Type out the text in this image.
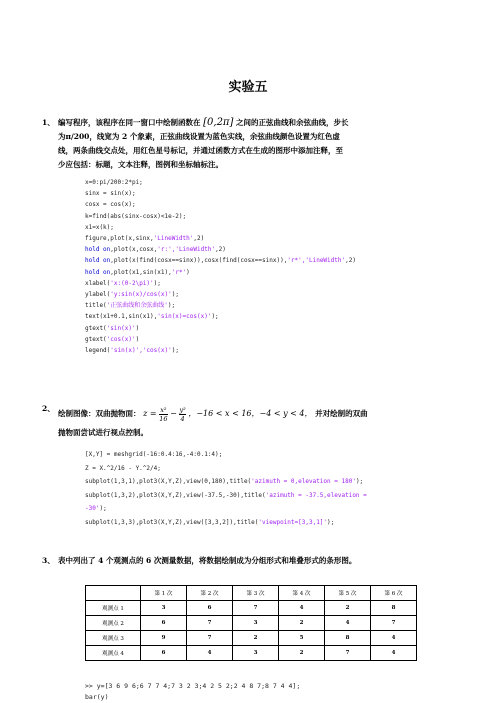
实验五
1、 编写程序，该程序在同一窗口中绘制函数在 [0,2π] 之间的正弦曲线和余弦曲线，步长
为π/200，线宽为 2 个象素，正弦曲线设置为蓝色实线，余弦曲线颜色设置为红色虚
线，两条曲线交点处，用红色星号标记，并通过函数方式在生成的图形中添加注释，至
少应包括：标题，文本注释，图例和坐标轴标注。
x=0:pi/200:2*pi;
sinx = sin(x);
cosx = cos(x);
k=find(abs(sinx-cosx)<1e-2);
x1=x(k);
figure,plot(x,sinx,'LineWidth',2)
hold on,plot(x,cosx,'r:','LineWidth',2)
hold on,plot(x(find(cosx==sinx)),cosx(find(cosx==sinx)),'r*','LineWidth',2)
hold on,plot(x1,sin(x1),'r*')
xlabel('x:(0-2\pi)');
ylabel('y:sin(x)/cos(x)');
title('正弦曲线和余弦曲线');
text(x1+0.1,sin(x1),'sin(x)=cos(x)');
gtext('sin(x)')
gtext('cos(x)')
legend('sin(x)','cos(x)');
2、
绘制图像：双曲抛物面： $z = \frac{\text{x²}}{16} - \frac{\text{y²}}{4}$ ，−16 < x < 16，−4 < y < 4， 并对绘制的双曲
抛物面尝试进行视点控制。
[X,Y] = meshgrid(-16:0.4:16,-4:0.1:4);
Z = X.^2/16 - Y.^2/4;
subplot(1,3,1),plot3(X,Y,Z),view(0,180),title('azimuth = 0,elevation = 180');
subplot(1,3,2),plot3(X,Y,Z),view(-37.5,-30),title('azimuth = -37.5,elevation =
-30');
subplot(1,3,3),plot3(X,Y,Z),view([3,3,2]),title('viewpoint=[3,3,1]');
3、 表中列出了 4 个观测点的 6 次测量数据，将数据绘制成为分组形式和堆叠形式的条形图。
	第 1 次	第 2 次	第 3 次	第 4 次	第 5 次	第 6 次
观测点 1	3	6	7	4	2	8
观测点 2	6	7	3	2	4	7
观测点 3	9	7	2	5	8	4
观测点 4	6	4	3	2	7	4
>> y=[3 6 9 6;6 7 7 4;7 3 2 3;4 2 5 2;2 4 8 7;8 7 4 4];
bar(y)
